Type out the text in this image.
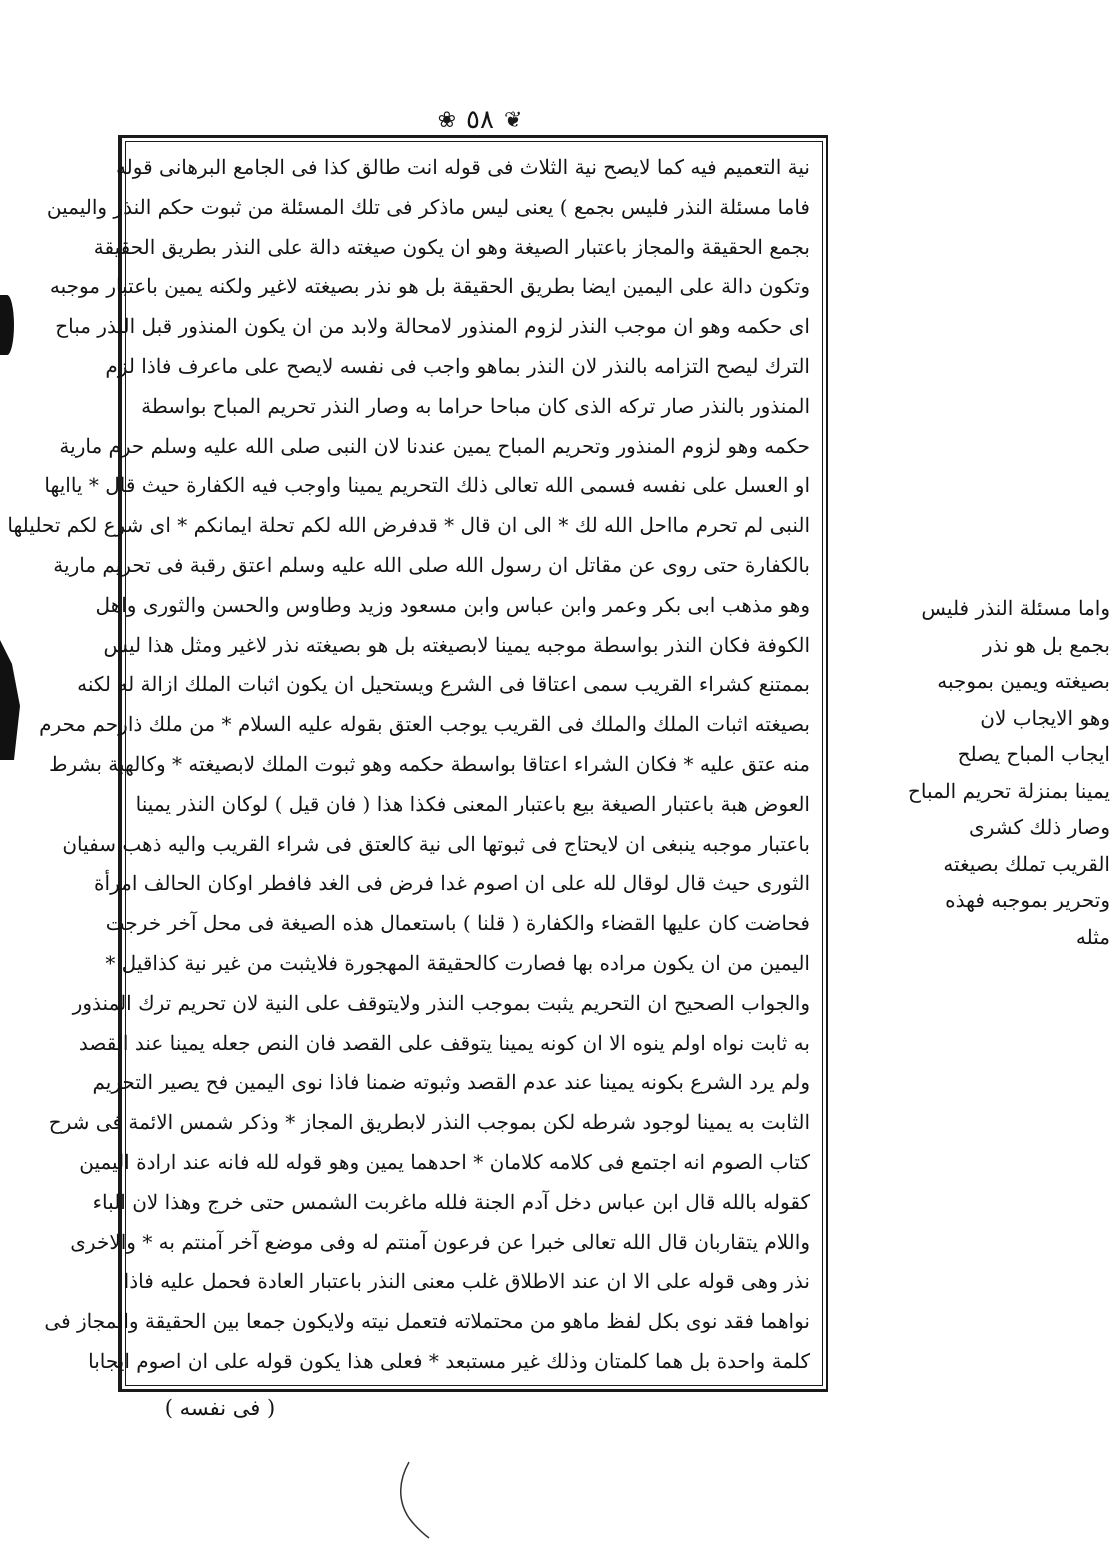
❀ ٥٨ ❦
نية التعميم فيه كما لايصح نية الثلاث فى قوله انت طالق كذا فى الجامع البرهانى قوله
فاما مسئلة النذر فليس بجمع ) يعنى ليس ماذكر فى تلك المسئلة من ثبوت حكم النذر واليمين
بجمع الحقيقة والمجاز باعتبار الصيغة وهو ان يكون صيغته دالة على النذر بطريق الحقيقة
وتكون دالة على اليمين ايضا بطريق الحقيقة بل هو نذر بصيغته لاغير ولكنه يمين باعتبار موجبه
اى حكمه وهو ان موجب النذر لزوم المنذور لامحالة ولابد من ان يكون المنذور قبل النذر مباح
الترك ليصح التزامه بالنذر لان النذر بماهو واجب فى نفسه لايصح على ماعرف فاذا لزم
المنذور بالنذر صار تركه الذى كان مباحا حراما به وصار النذر تحريم المباح بواسطة
حكمه وهو لزوم المنذور وتحريم المباح يمين عندنا لان النبى صلى الله عليه وسلم حرم مارية
او العسل على نفسه فسمى الله تعالى ذلك التحريم يمينا واوجب فيه الكفارة حيث قال * ياايها
النبى لم تحرم مااحل الله لك * الى ان قال * قدفرض الله لكم تحلة ايمانكم * اى شرع لكم تحليلها
بالكفارة حتى روى عن مقاتل ان رسول الله صلى الله عليه وسلم اعتق رقبة فى تحريم مارية
وهو مذهب ابى بكر وعمر وابن عباس وابن مسعود وزيد وطاوس والحسن والثورى واهل
الكوفة فكان النذر بواسطة موجبه يمينا لابصيغته بل هو بصيغته نذر لاغير ومثل هذا ليس
بممتنع كشراء القريب سمى اعتاقا فى الشرع ويستحيل ان يكون اثبات الملك ازالة له لكنه
بصيغته اثبات الملك والملك فى القريب يوجب العتق بقوله عليه السلام * من ملك ذارحم محرم
منه عتق عليه * فكان الشراء اعتاقا بواسطة حكمه وهو ثبوت الملك لابصيغته * وكالهبة بشرط
العوض هبة باعتبار الصيغة بيع باعتبار المعنى فكذا هذا ( فان قيل ) لوكان النذر يمينا
باعتبار موجبه ينبغى ان لايحتاج فى ثبوتها الى نية كالعتق فى شراء القريب واليه ذهب سفيان
الثورى حيث قال لوقال لله على ان اصوم غدا فرض فى الغد فافطر اوكان الحالف امرأة
فحاضت كان عليها القضاء والكفارة ( قلنا ) باستعمال هذه الصيغة فى محل آخر خرجت
اليمين من ان يكون مراده بها فصارت كالحقيقة المهجورة فلايثبت من غير نية كذاقيل *
والجواب الصحيح ان التحريم يثبت بموجب النذر ولايتوقف على النية لان تحريم ترك المنذور
به ثابت نواه اولم ينوه الا ان كونه يمينا يتوقف على القصد فان النص جعله يمينا عند القصد
ولم يرد الشرع بكونه يمينا عند عدم القصد وثبوته ضمنا فاذا نوى اليمين فح يصير التحريم
الثابت به يمينا لوجود شرطه لكن بموجب النذر لابطريق المجاز * وذكر شمس الائمة فى شرح
كتاب الصوم انه اجتمع فى كلامه كلامان * احدهما يمين وهو قوله لله فانه عند ارادة اليمين
كقوله بالله قال ابن عباس دخل آدم الجنة فلله ماغربت الشمس حتى خرج وهذا لان الباء
واللام يتقاربان قال الله تعالى خبرا عن فرعون آمنتم له وفى موضع آخر آمنتم به * والاخرى
نذر وهى قوله على الا ان عند الاطلاق غلب معنى النذر باعتبار العادة فحمل عليه فاذا
نواهما فقد نوى بكل لفظ ماهو من محتملاته فتعمل نيته ولايكون جمعا بين الحقيقة والمجاز فى
كلمة واحدة بل هما كلمتان وذلك غير مستبعد * فعلى هذا يكون قوله على ان اصوم ايجابا
واما مسئلة النذر فليس
بجمع بل هو نذر
بصيغته ويمين بموجبه
وهو الايجاب لان
ايجاب المباح يصلح
يمينا بمنزلة تحريم المباح
وصار ذلك كشرى
القريب تملك بصيغته
وتحرير بموجبه فهذه
مثله
( فى نفسه )
